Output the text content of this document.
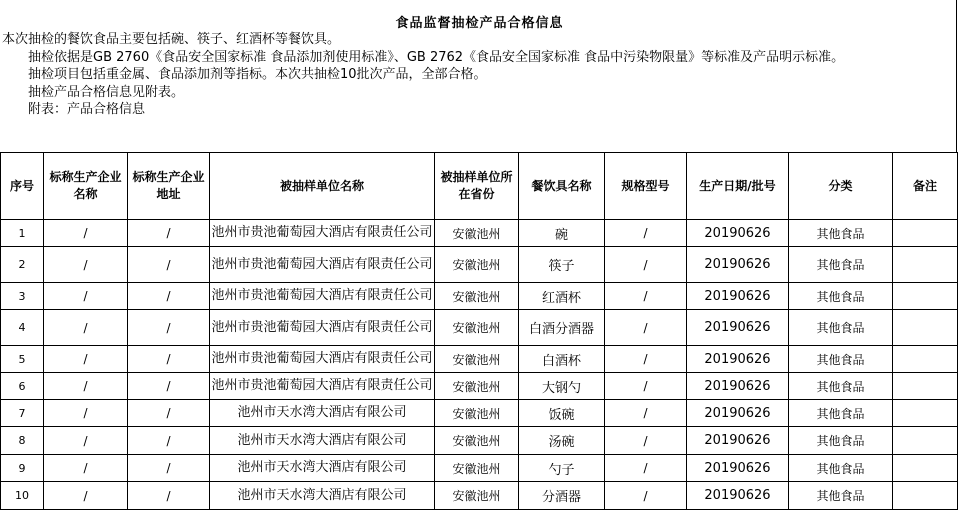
食品监督抽检产品合格信息

本次抽检的餐饮食品主要包括碗、筷子、红酒杯等餐饮具。

抽检依据是GB 2760《食品安全国家标准 食品添加剂使用标准》、GB 2762《食品安全国家标准 食品中污染物限量》等标准及产品明示标准。

抽检项目包括重金属、食品添加剂等指标。本次共抽检10批次产品，全部合格。

抽检产品合格信息见附表。

附表：产品合格信息

序号	标称生产企业名称	标称生产企业地址	被抽样单位名称	被抽样单位所在省份	餐饮具名称	规格型号	生产日期/批号	分类	备注
1	/	/	池州市贵池葡萄园大酒店有限责任公司	安徽池州	碗	/	20190626	其他食品	
2	/	/	池州市贵池葡萄园大酒店有限责任公司	安徽池州	筷子	/	20190626	其他食品	
3	/	/	池州市贵池葡萄园大酒店有限责任公司	安徽池州	红酒杯	/	20190626	其他食品	
4	/	/	池州市贵池葡萄园大酒店有限责任公司	安徽池州	白酒分酒器	/	20190626	其他食品	
5	/	/	池州市贵池葡萄园大酒店有限责任公司	安徽池州	白酒杯	/	20190626	其他食品	
6	/	/	池州市贵池葡萄园大酒店有限责任公司	安徽池州	大钢勺	/	20190626	其他食品	
7	/	/	池州市天水湾大酒店有限公司	安徽池州	饭碗	/	20190626	其他食品	
8	/	/	池州市天水湾大酒店有限公司	安徽池州	汤碗	/	20190626	其他食品	
9	/	/	池州市天水湾大酒店有限公司	安徽池州	勺子	/	20190626	其他食品	
10	/	/	池州市天水湾大酒店有限公司	安徽池州	分酒器	/	20190626	其他食品	
